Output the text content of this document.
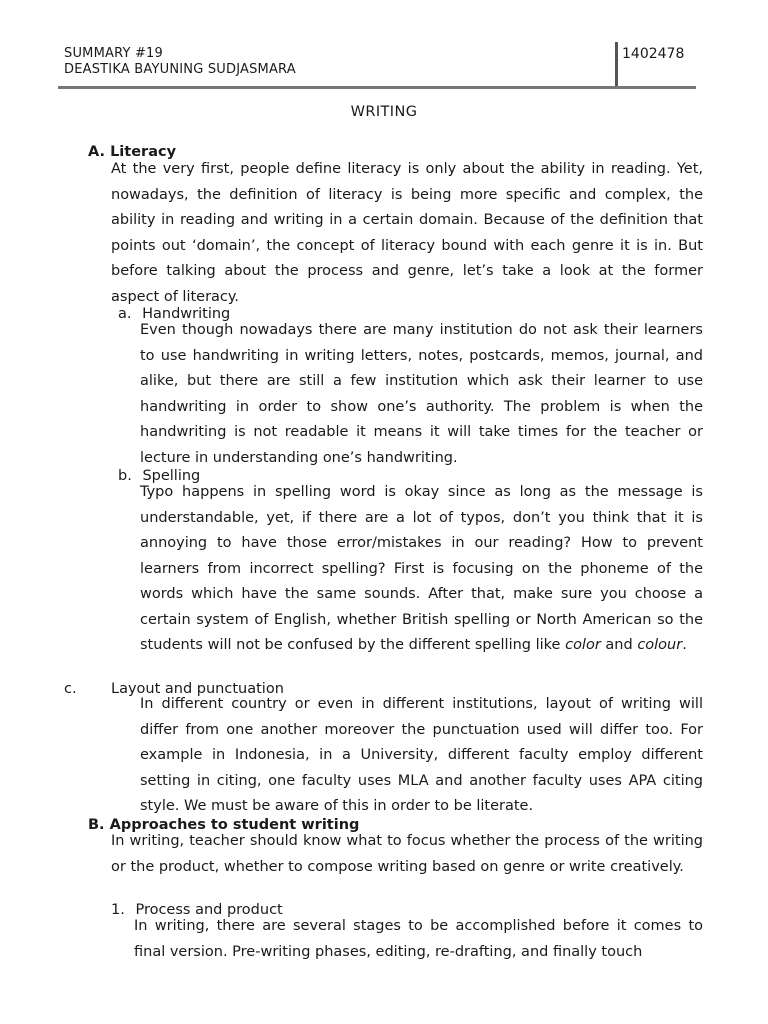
SUMMARY #19
DEASTIKA BAYUNING SUDJASMARA
1402478
WRITING
A. Literacy
At the very first, people define literacy is only about the ability in reading. Yet, nowadays, the definition of literacy is being more specific and complex, the ability in reading and writing in a certain domain. Because of the definition that points out ‘domain’, the concept of literacy bound with each genre it is in. But before talking about the process and genre, let’s take a look at the former aspect of literacy.
a. Handwriting
Even though nowadays there are many institution do not ask their learners to use handwriting in writing letters, notes, postcards, memos, journal, and alike, but there are still a few institution which ask their learner to use handwriting in order to show one’s authority. The problem is when the handwriting is not readable it means it will take times for the teacher or lecture in understanding one’s handwriting.
b. Spelling
Typo happens in spelling word is okay since as long as the message is understandable, yet, if there are a lot of typos, don’t you think that it is annoying to have those error/mistakes in our reading? How to prevent learners from incorrect spelling? First is focusing on the phoneme of the words which have the same sounds. After that, make sure you choose a certain system of English, whether British spelling or North American so the students will not be confused by the different spelling like color and colour.
c. Layout and punctuation
In different country or even in different institutions, layout of writing will differ from one another moreover the punctuation used will differ too. For example in Indonesia, in a University, different faculty employ different setting in citing, one faculty uses MLA and another faculty uses APA citing style. We must be aware of this in order to be literate.
B. Approaches to student writing
In writing, teacher should know what to focus whether the process of the writing or the product, whether to compose writing based on genre or write creatively.
1. Process and product
In writing, there are several stages to be accomplished before it comes to final version. Pre-writing phases, editing, re-drafting, and finally touch
